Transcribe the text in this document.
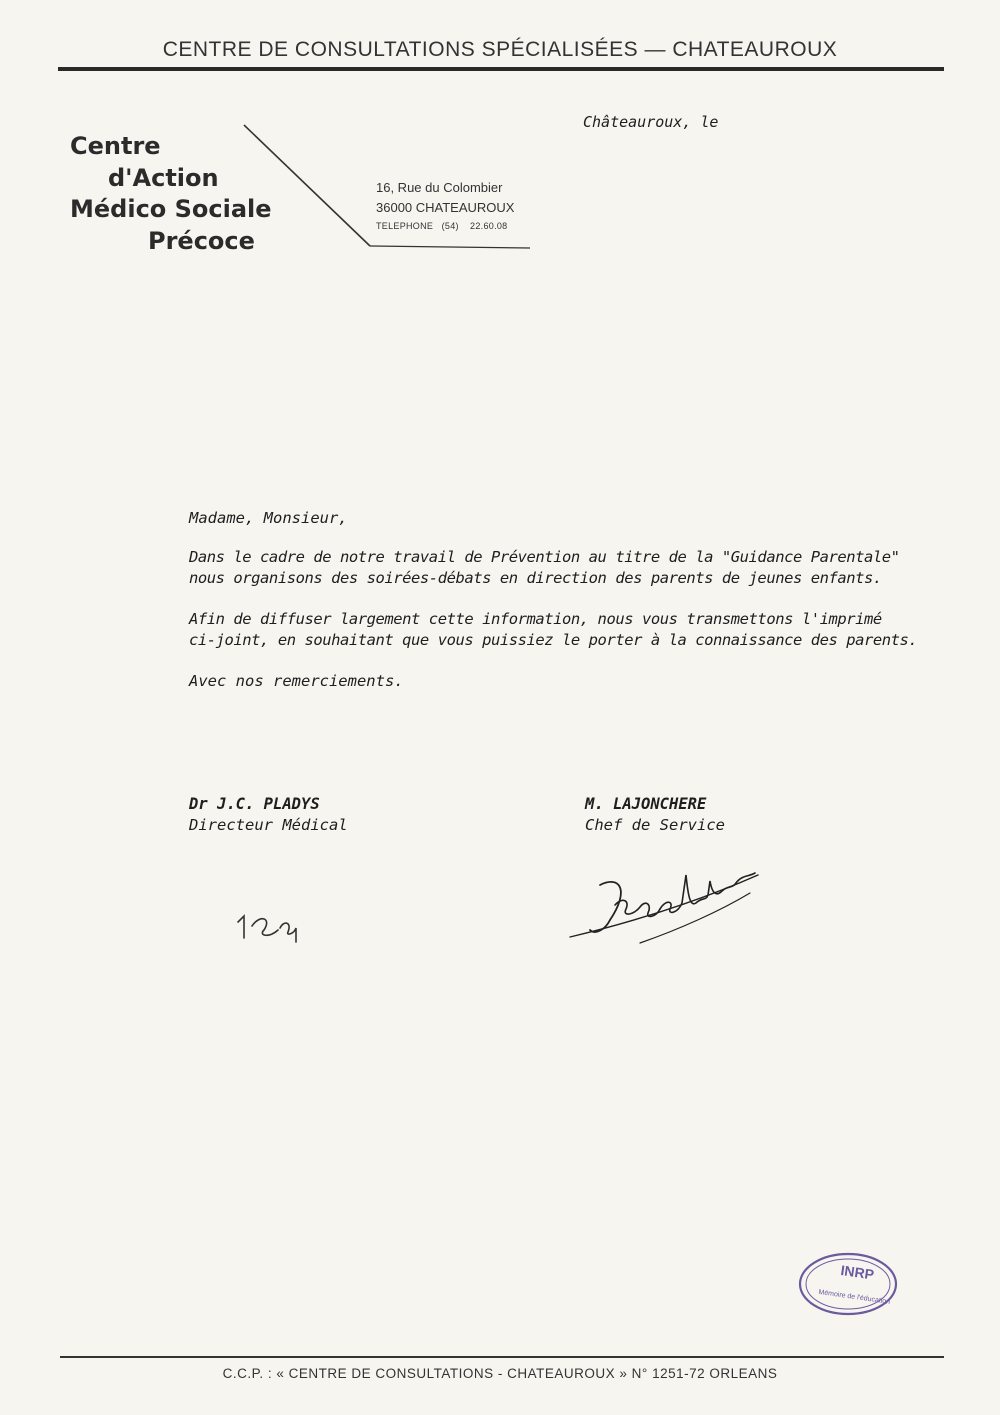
CENTRE DE CONSULTATIONS SPÉCIALISÉES — CHATEAUROUX
Centre
d'Action
Médico Sociale
Précoce
16, Rue du Colombier
36000 CHATEAUROUX
TELEPHONE (54) 22.60.08
Châteauroux, le
Madame, Monsieur,
Dans le cadre de notre travail de Prévention au titre de la "Guidance Parentale"
nous organisons des soirées-débats en direction des parents de jeunes enfants.
Afin de diffuser largement cette information, nous vous transmettons l'imprimé
ci-joint, en souhaitant que vous puissiez le porter à la connaissance des parents.
Avec nos remerciements.
Dr J.C. PLADYS
Directeur Médical
M. LAJONCHERE
Chef de Service
INRP
Mémoire de l'éducation
C.C.P. : « CENTRE DE CONSULTATIONS - CHATEAUROUX » N° 1251-72 ORLEANS
